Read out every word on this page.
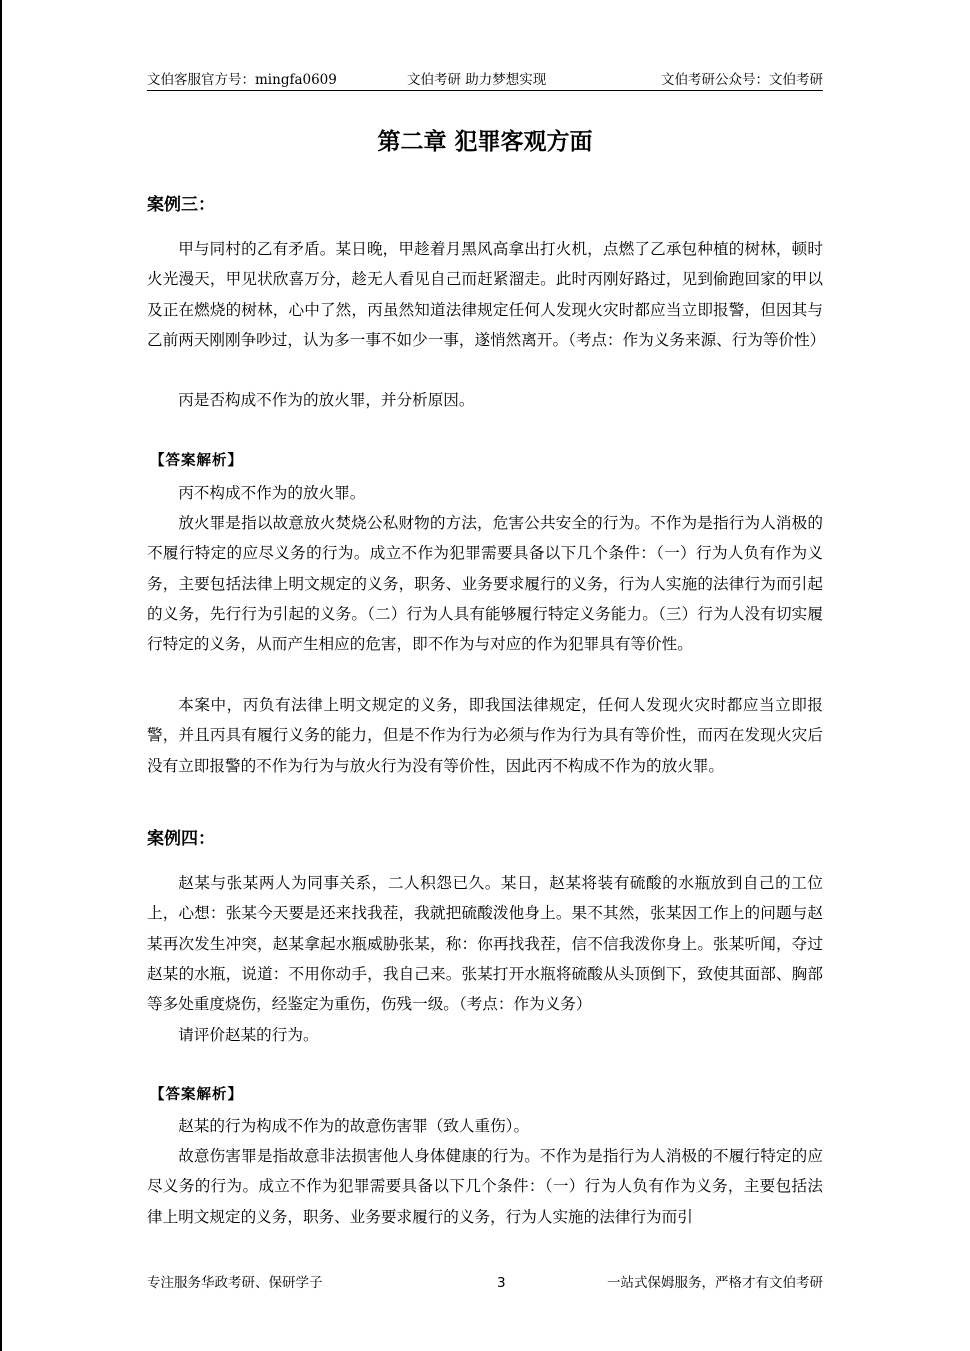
文伯客服官方号：mingfa0609	文伯考研 助力梦想实现	文伯考研公众号：文伯考研
第二章 犯罪客观方面
案例三：

甲与同村的乙有矛盾。某日晚，甲趁着月黑风高拿出打火机，点燃了乙承包种植的树林，顿时火光漫天，甲见状欣喜万分，趁无人看见自己而赶紧溜走。此时丙刚好路过，见到偷跑回家的甲以及正在燃烧的树林，心中了然，丙虽然知道法律规定任何人发现火灾时都应当立即报警，但因其与乙前两天刚刚争吵过，认为多一事不如少一事，遂悄然离开。（考点：作为义务来源、行为等价性）

丙是否构成不作为的放火罪，并分析原因。

【答案解析】

丙不构成不作为的放火罪。

放火罪是指以故意放火焚烧公私财物的方法，危害公共安全的行为。不作为是指行为人消极的不履行特定的应尽义务的行为。成立不作为犯罪需要具备以下几个条件：（一）行为人负有作为义务，主要包括法律上明文规定的义务，职务、业务要求履行的义务，行为人实施的法律行为而引起的义务，先行行为引起的义务。（二）行为人具有能够履行特定义务能力。（三）行为人没有切实履行特定的义务，从而产生相应的危害，即不作为与对应的作为犯罪具有等价性。

本案中，丙负有法律上明文规定的义务，即我国法律规定，任何人发现火灾时都应当立即报警，并且丙具有履行义务的能力，但是不作为行为必须与作为行为具有等价性，而丙在发现火灾后没有立即报警的不作为行为与放火行为没有等价性，因此丙不构成不作为的放火罪。

案例四：

赵某与张某两人为同事关系，二人积怨已久。某日，赵某将装有硫酸的水瓶放到自己的工位上，心想：张某今天要是还来找我茬，我就把硫酸泼他身上。果不其然，张某因工作上的问题与赵某再次发生冲突，赵某拿起水瓶威胁张某，称：你再找我茬，信不信我泼你身上。张某听闻，夺过赵某的水瓶，说道：不用你动手，我自己来。张某打开水瓶将硫酸从头顶倒下，致使其面部、胸部等多处重度烧伤，经鉴定为重伤，伤残一级。（考点：作为义务）

请评价赵某的行为。

【答案解析】

赵某的行为构成不作为的故意伤害罪（致人重伤）。

故意伤害罪是指故意非法损害他人身体健康的行为。不作为是指行为人消极的不履行特定的应尽义务的行为。成立不作为犯罪需要具备以下几个条件：（一）行为人负有作为义务，主要包括法律上明文规定的义务，职务、业务要求履行的义务，行为人实施的法律行为而引

专注服务华政考研、保研学子	3	一站式保姆服务，严格才有文伯考研
